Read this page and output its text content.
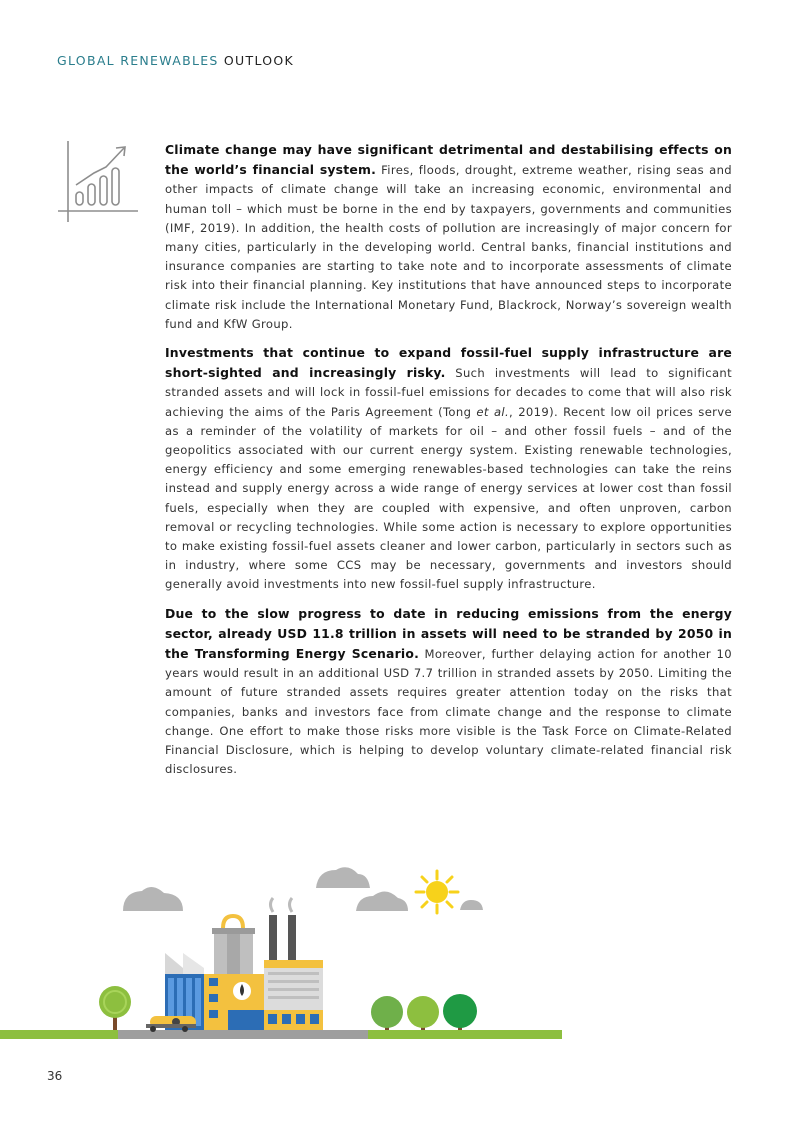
GLOBAL RENEWABLES OUTLOOK

Climate change may have significant detrimental and destabilising effects on the world’s financial system. Fires, floods, drought, extreme weather, rising seas and other impacts of climate change will take an increasing economic, environmental and human toll – which must be borne in the end by taxpayers, governments and communities (IMF, 2019). In addition, the health costs of pollution are increasingly of major concern for many cities, particularly in the developing world. Central banks, financial institutions and insurance companies are starting to take note and to incorporate assessments of climate risk into their financial planning. Key institutions that have announced steps to incorporate climate risk include the International Monetary Fund, Blackrock, Norway’s sovereign wealth fund and KfW Group.

Investments that continue to expand fossil-fuel supply infrastructure are short-sighted and increasingly risky. Such investments will lead to significant stranded assets and will lock in fossil-fuel emissions for decades to come that will also risk achieving the aims of the Paris Agreement (Tong et al., 2019). Recent low oil prices serve as a reminder of the volatility of markets for oil – and other fossil fuels – and of the geopolitics associated with our current energy system. Existing renewable technologies, energy efficiency and some emerging renewables-based technologies can take the reins instead and supply energy across a wide range of energy services at lower cost than fossil fuels, especially when they are coupled with expensive, and often unproven, carbon removal or recycling technologies. While some action is necessary to explore opportunities to make existing fossil-fuel assets cleaner and lower carbon, particularly in sectors such as in industry, where some CCS may be necessary, governments and investors should generally avoid investments into new fossil-fuel supply infrastructure.

Due to the slow progress to date in reducing emissions from the energy sector, already USD 11.8 trillion in assets will need to be stranded by 2050 in the Transforming Energy Scenario. Moreover, further delaying action for another 10 years would result in an additional USD 7.7 trillion in stranded assets by 2050. Limiting the amount of future stranded assets requires greater attention today on the risks that companies, banks and investors face from climate change and the response to climate change. One effort to make those risks more visible is the Task Force on Climate-Related Financial Disclosure, which is helping to develop voluntary climate-related financial risk disclosures.

36
